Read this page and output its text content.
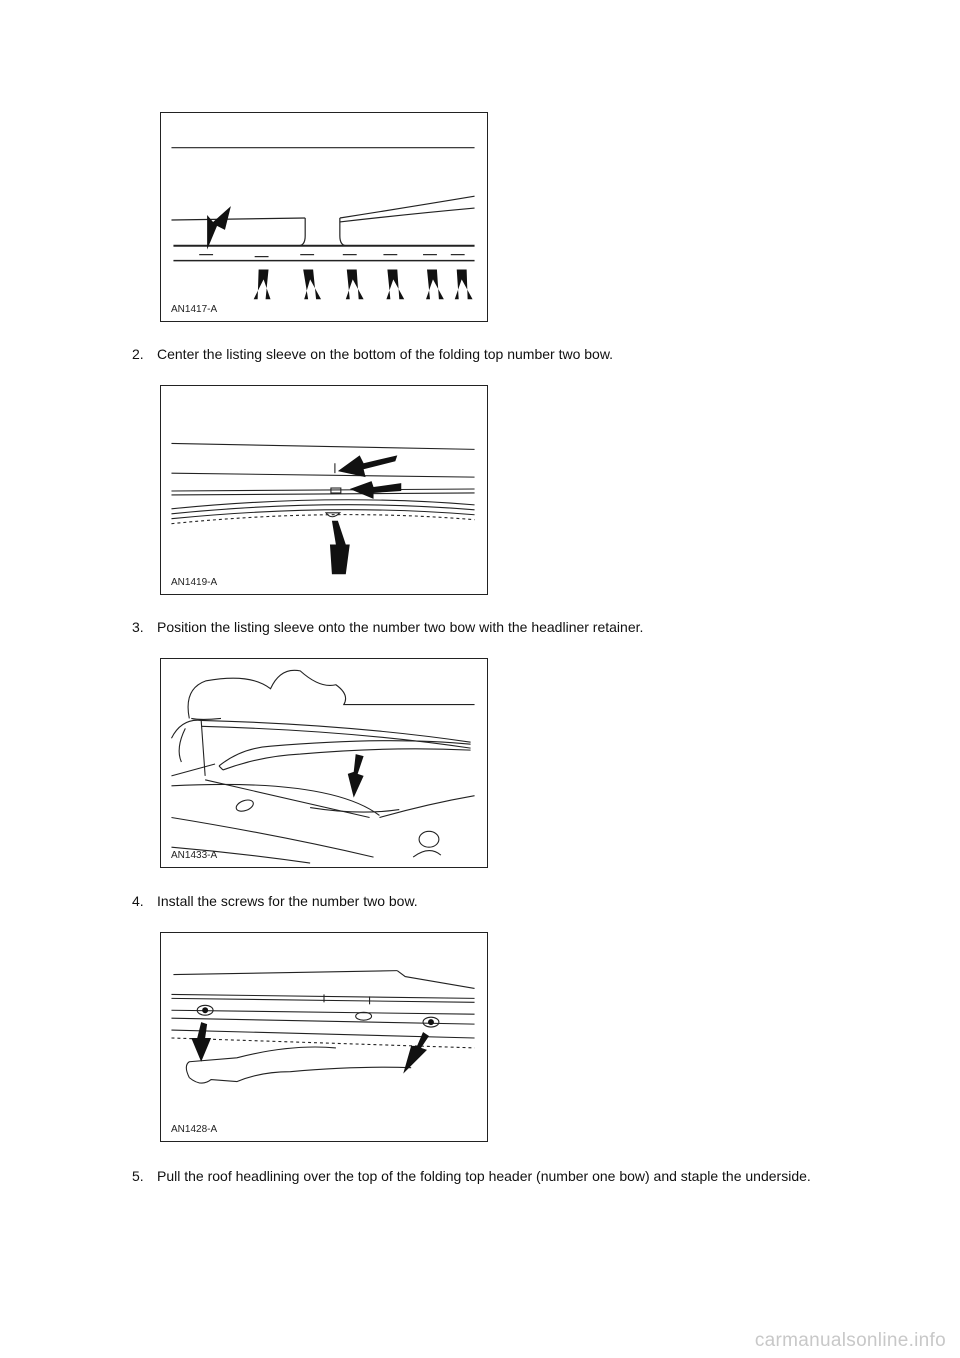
AN1417-A
2. Center the listing sleeve on the bottom of the folding top number two bow.
AN1419-A
3. Position the listing sleeve onto the number two bow with the headliner retainer.
AN1433-A
4. Install the screws for the number two bow.
AN1428-A
5. Pull the roof headlining over the top of the folding top header (number one bow) and staple the underside.
carmanualsonline.info
